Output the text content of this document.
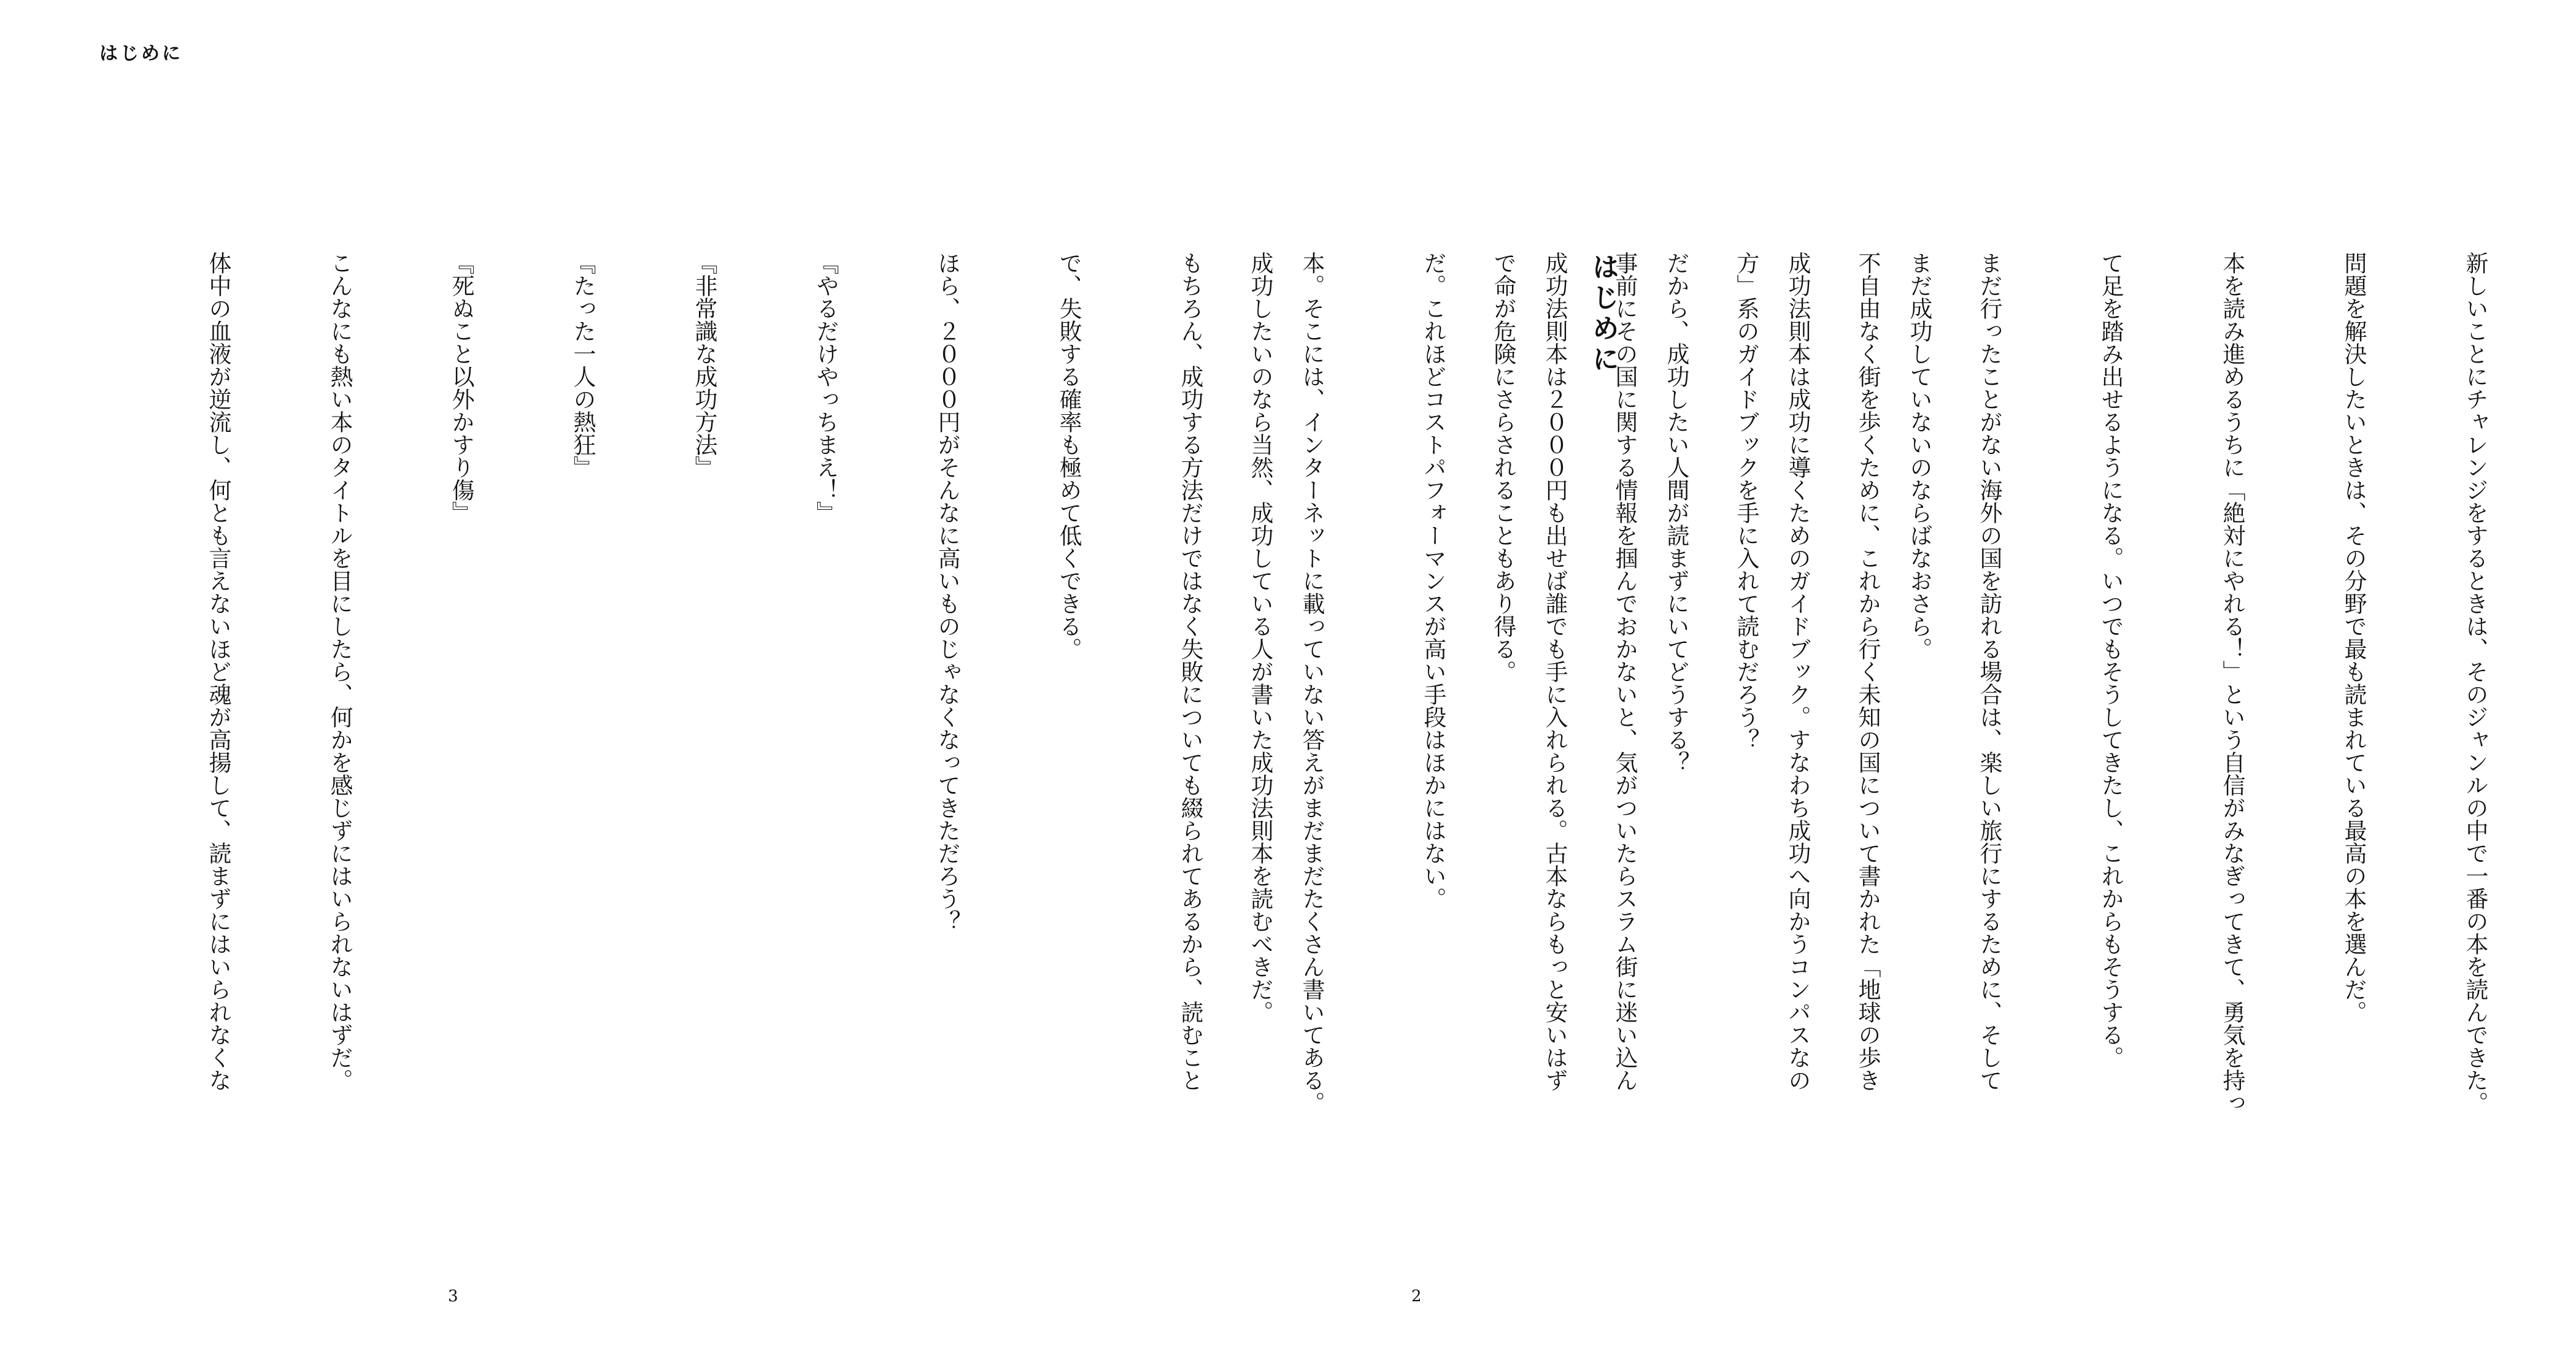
はじめに
はじめに

	新しいことにチャレンジをするときは、そのジャンルの中で一番の本を読んできた。

問題を解決したいときは、その分野で最も読まれている最高の本を選んだ。

本を読み進めるうちに「絶対にやれる！」という自信がみなぎってきて、勇気を持っ

て足を踏み出せるようになる。いつでもそうしてきたし、これからもそうする。

まだ行ったことがない海外の国を訪れる場合は、楽しい旅行にするために、そして

不自由なく街を歩くために、これから行く未知の国について書かれた「地球の歩き

方」系のガイドブックを手に入れて読むだろう？

事前にその国に関する情報を掴んでおかないと、気がついたらスラム街に迷い込ん

で命が危険にさらされることもあり得る。

成功したいのなら当然、成功している人が書いた成功法則本を読むべきだ。

	まだ成功していないのならばなおさら。

成功法則本は成功に導くためのガイドブック。すなわち成功へ向かうコンパスなの

だから、成功したい人間が読まずにいてどうする？

成功法則本は２０００円も出せば誰でも手に入れられる。古本ならもっと安いはず

だ。これほどコストパフォーマンスが高い手段はほかにはない。

本。そこには、インターネットに載っていない答えがまだまだたくさん書いてある。

もちろん、成功する方法だけではなく失敗についても綴られてあるから、読むこと

で、失敗する確率も極めて低くできる。

ほら、２０００円がそんなに高いものじゃなくなってきただろう？

『やるだけやっちまえ！』

『非常識な成功方法』

『たった一人の熱狂』

『死ぬこと以外かすり傷』

こんなにも熱い本のタイトルを目にしたら、何かを感じずにはいられないはずだ。

体中の血液が逆流し、何とも言えないほど魂が高揚して、読まずにはいられなくな

3	2
